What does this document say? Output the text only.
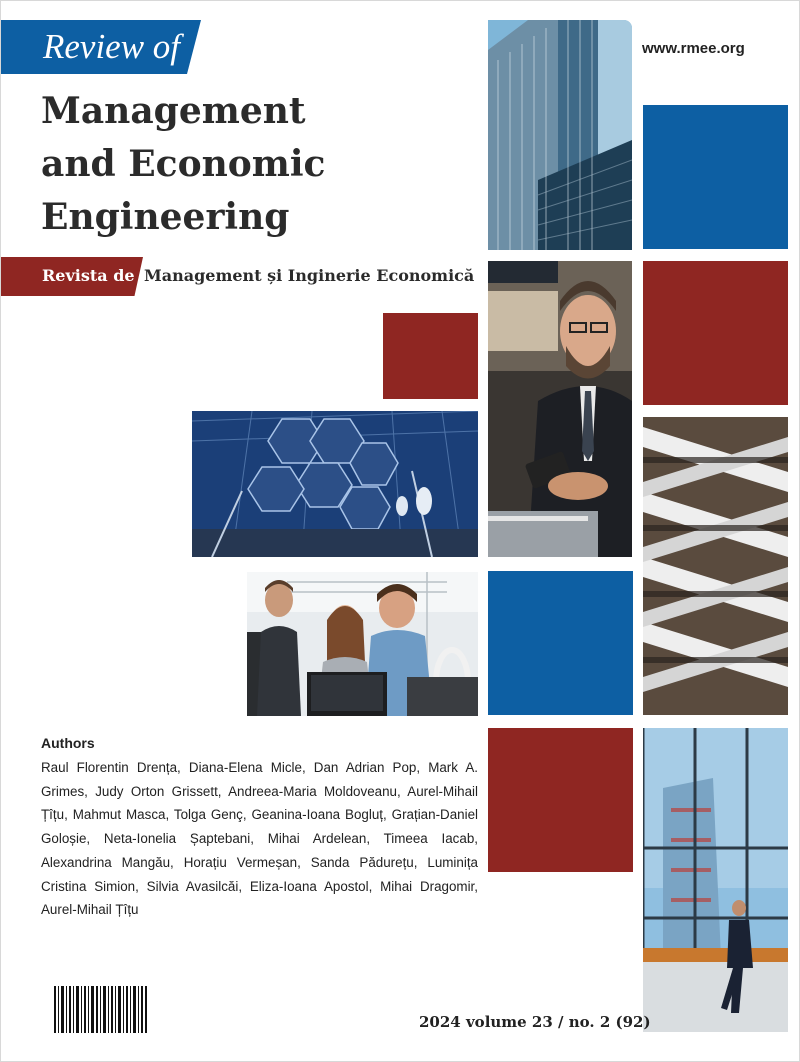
Review of
Management
and Economic
Engineering
Revista de Management și Inginerie Economică
www.rmee.org
Authors
Raul Florentin Drența, Diana-Elena Micle, Dan Adrian Pop, Mark A. Grimes, Judy Orton Grissett, Andreea-Maria Moldoveanu, Aurel-Mihail Țîțu, Mahmut Masca, Tolga Genç, Geanina-Ioana Bogluț, Grațian-Daniel Goloșie, Neta-Ionelia Șaptebani, Mihai Ardelean, Timeea Iacab, Alexandrina Mangău, Horațiu Vermeșan, Sanda Pădurețu, Luminița Cristina Simion, Silvia Avasilcăi, Eliza-Ioana Apostol, Mihai Dragomir, Aurel-Mihail Țîțu
2024 volume 23 / no. 2 (92)
